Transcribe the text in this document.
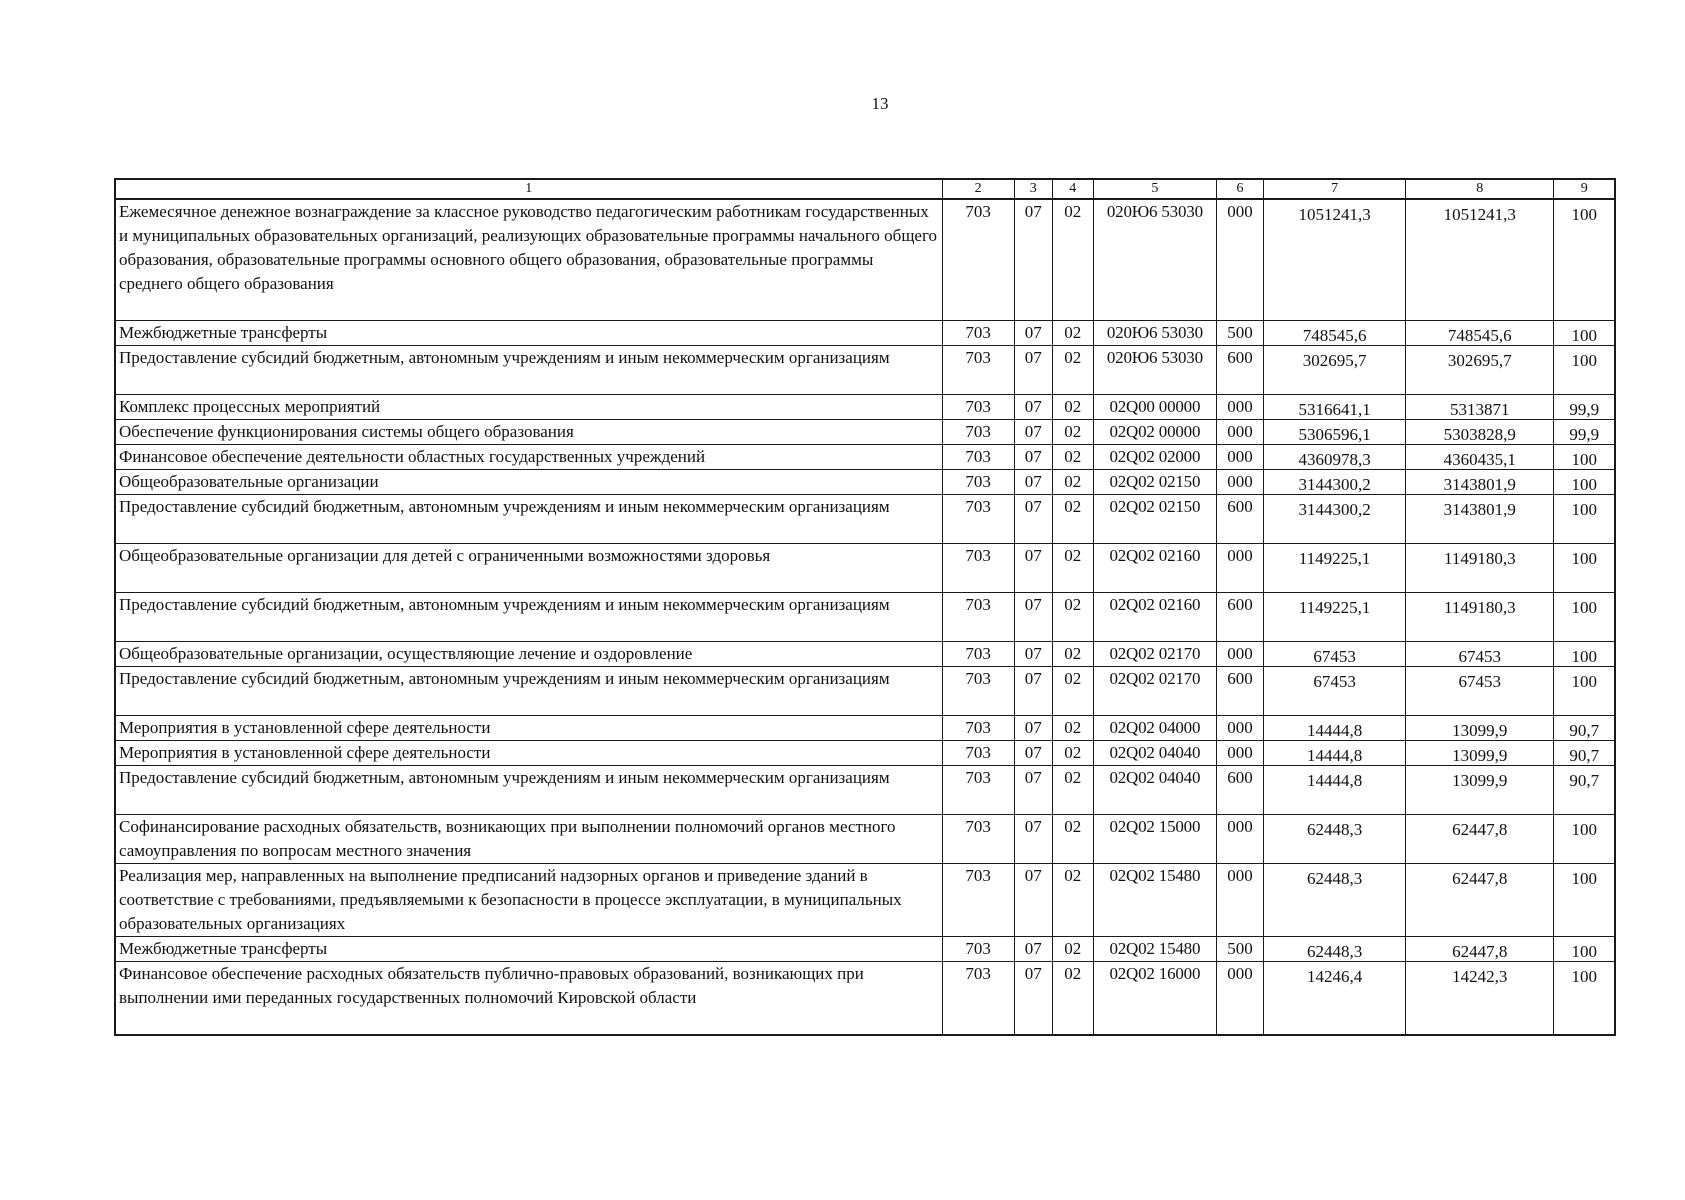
13
1	2	3	4	5	6	7	8	9
Ежемесячное денежное вознаграждение за классное руководство педагогическим работникам государственных и муниципальных образовательных организаций, реализующих образовательные программы начального общего образования, образовательные программы основного общего образования, образовательные программы среднего общего образования	703	07	02	020Ю6 53030	000	1051241,3	1051241,3	100
Межбюджетные трансферты	703	07	02	020Ю6 53030	500	748545,6	748545,6	100
Предоставление субсидий бюджетным, автономным учреждениям и иным некоммерческим организациям	703	07	02	020Ю6 53030	600	302695,7	302695,7	100
Комплекс процессных мероприятий	703	07	02	02Q00 00000	000	5316641,1	5313871	99,9
Обеспечение функционирования системы общего образования	703	07	02	02Q02 00000	000	5306596,1	5303828,9	99,9
Финансовое обеспечение деятельности областных государственных учреждений	703	07	02	02Q02 02000	000	4360978,3	4360435,1	100
Общеобразовательные организации	703	07	02	02Q02 02150	000	3144300,2	3143801,9	100
Предоставление субсидий бюджетным, автономным учреждениям и иным некоммерческим организациям	703	07	02	02Q02 02150	600	3144300,2	3143801,9	100
Общеобразовательные организации для детей с ограниченными возможностями здоровья	703	07	02	02Q02 02160	000	1149225,1	1149180,3	100
Предоставление субсидий бюджетным, автономным учреждениям и иным некоммерческим организациям	703	07	02	02Q02 02160	600	1149225,1	1149180,3	100
Общеобразовательные организации, осуществляющие лечение и оздоровление	703	07	02	02Q02 02170	000	67453	67453	100
Предоставление субсидий бюджетным, автономным учреждениям и иным некоммерческим организациям	703	07	02	02Q02 02170	600	67453	67453	100
Мероприятия в установленной сфере деятельности	703	07	02	02Q02 04000	000	14444,8	13099,9	90,7
Мероприятия в установленной сфере деятельности	703	07	02	02Q02 04040	000	14444,8	13099,9	90,7
Предоставление субсидий бюджетным, автономным учреждениям и иным некоммерческим организациям	703	07	02	02Q02 04040	600	14444,8	13099,9	90,7
Софинансирование расходных обязательств, возникающих при выполнении полномочий органов местного самоуправления по вопросам местного значения	703	07	02	02Q02 15000	000	62448,3	62447,8	100
Реализация мер, направленных на выполнение предписаний надзорных органов и приведение зданий в соответствие с требованиями, предъявляемыми к безопасности в процессе эксплуатации, в муниципальных образовательных организациях	703	07	02	02Q02 15480	000	62448,3	62447,8	100
Межбюджетные трансферты	703	07	02	02Q02 15480	500	62448,3	62447,8	100
Финансовое обеспечение расходных обязательств публично-правовых образований, возникающих при выполнении ими переданных государственных полномочий Кировской области	703	07	02	02Q02 16000	000	14246,4	14242,3	100
